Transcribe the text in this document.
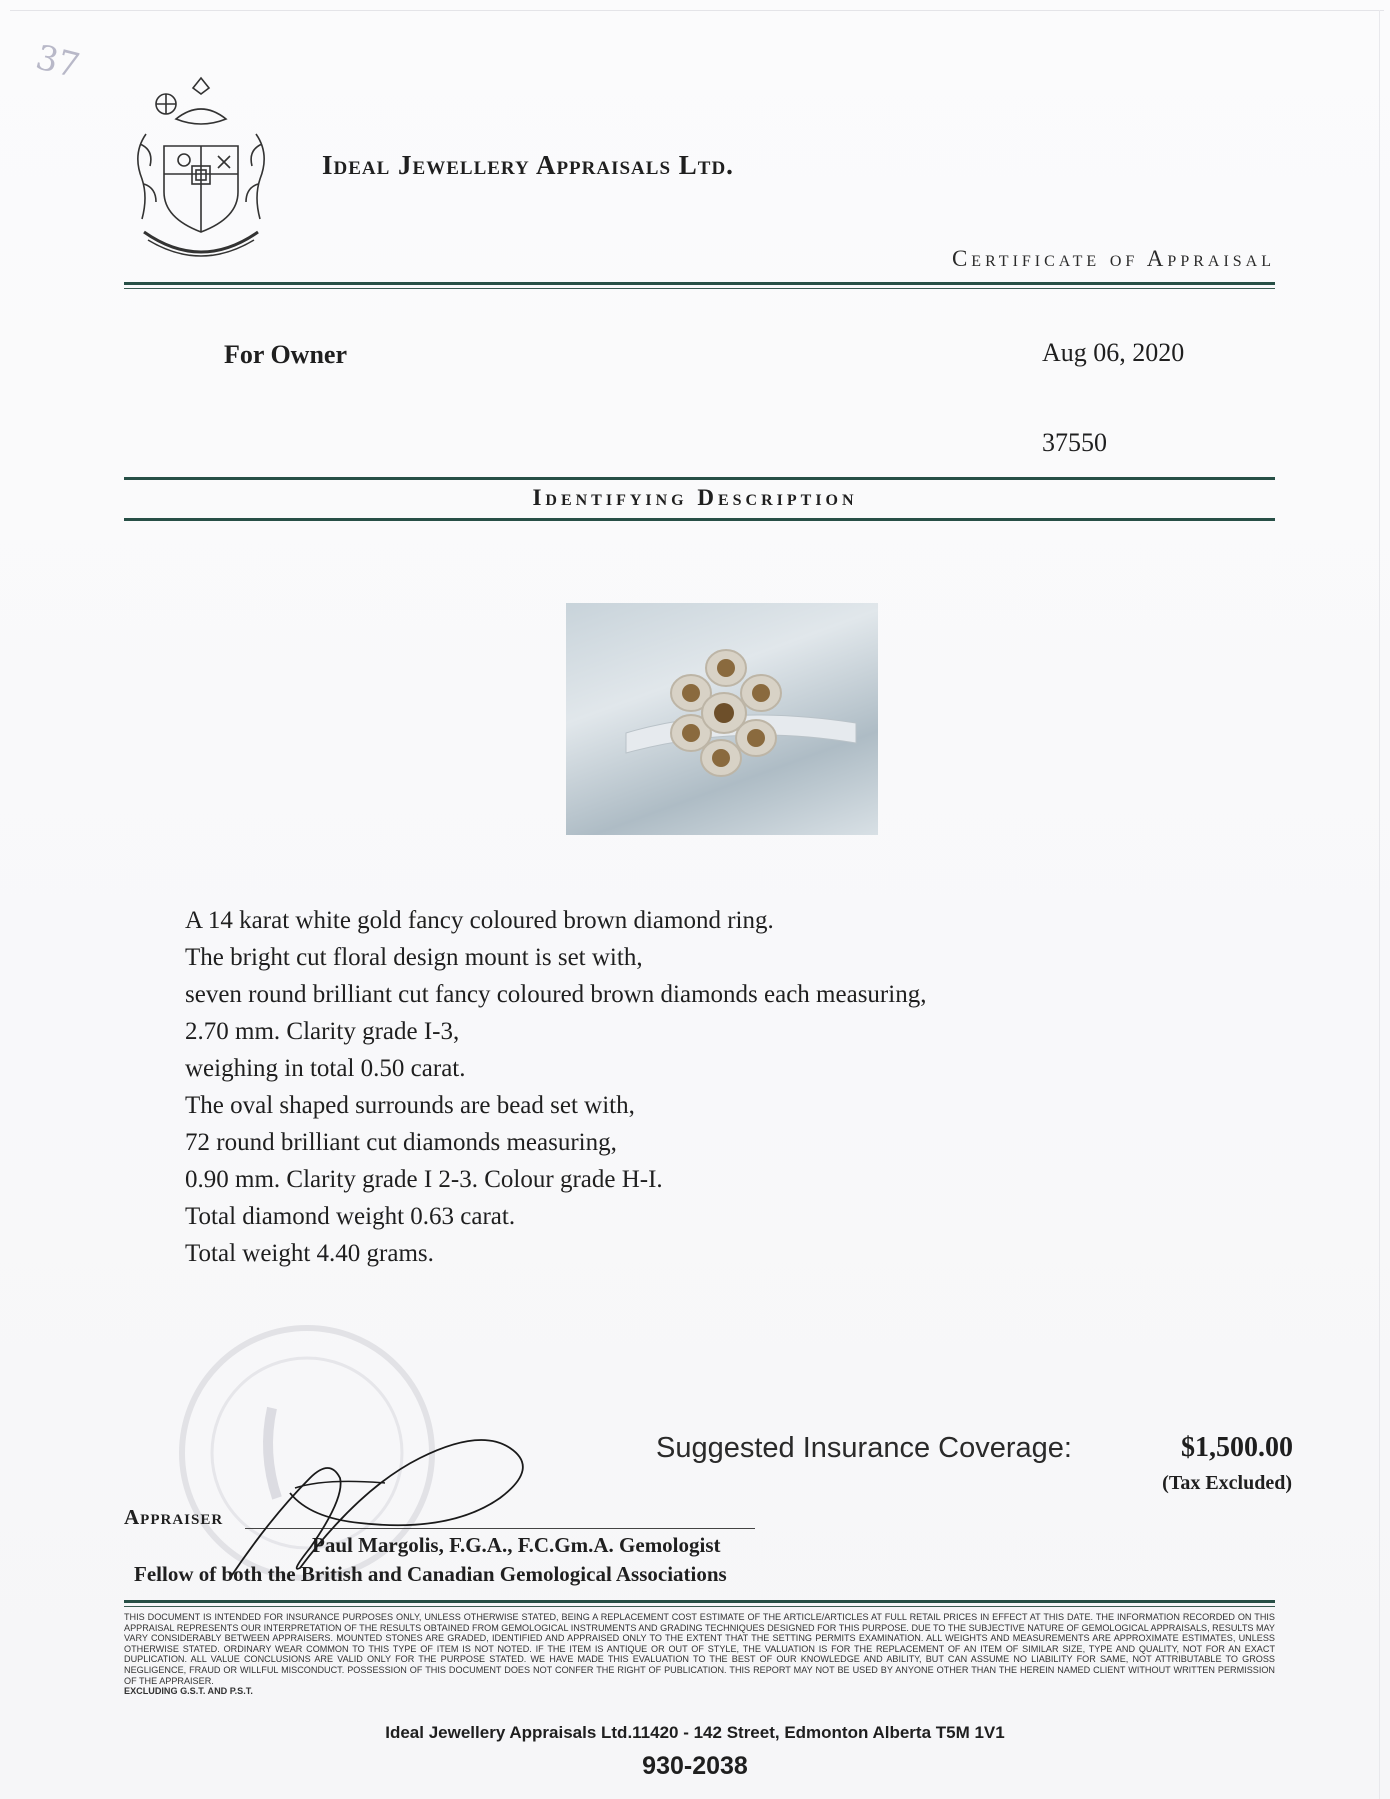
37
Ideal Jewellery Appraisals Ltd.
Certificate of Appraisal
For Owner	Aug 06, 2020
37550
Identifying Description
A 14 karat white gold fancy coloured brown diamond ring.
The bright cut floral design mount is set with,
seven round brilliant cut fancy coloured brown diamonds each measuring,
2.70 mm. Clarity grade I-3,
weighing in total 0.50 carat.
The oval shaped surrounds are bead set with,
72 round brilliant cut diamonds measuring,
0.90 mm. Clarity grade I 2-3. Colour grade H-I.
Total diamond weight 0.63 carat.
Total weight 4.40 grams.
Suggested Insurance Coverage:	$1,500.00
(Tax Excluded)
Appraiser
Paul Margolis, F.G.A., F.C.Gm.A. Gemologist
Fellow of both the British and Canadian Gemological Associations
THIS DOCUMENT IS INTENDED FOR INSURANCE PURPOSES ONLY, UNLESS OTHERWISE STATED, BEING A REPLACEMENT COST ESTIMATE OF THE ARTICLE/ARTICLES AT FULL RETAIL PRICES IN EFFECT AT THIS DATE. THE INFORMATION RECORDED ON THIS APPRAISAL REPRESENTS OUR INTERPRETATION OF THE RESULTS OBTAINED FROM GEMOLOGICAL INSTRUMENTS AND GRADING TECHNIQUES DESIGNED FOR THIS PURPOSE. DUE TO THE SUBJECTIVE NATURE OF GEMOLOGICAL APPRAISALS, RESULTS MAY VARY CONSIDERABLY BETWEEN APPRAISERS. MOUNTED STONES ARE GRADED, IDENTIFIED AND APPRAISED ONLY TO THE EXTENT THAT THE SETTING PERMITS EXAMINATION. ALL WEIGHTS AND MEASUREMENTS ARE APPROXIMATE ESTIMATES, UNLESS OTHERWISE STATED. ORDINARY WEAR COMMON TO THIS TYPE OF ITEM IS NOT NOTED. IF THE ITEM IS ANTIQUE OR OUT OF STYLE, THE VALUATION IS FOR THE REPLACEMENT OF AN ITEM OF SIMILAR SIZE, TYPE AND QUALITY, NOT FOR AN EXACT DUPLICATION. ALL VALUE CONCLUSIONS ARE VALID ONLY FOR THE PURPOSE STATED. WE HAVE MADE THIS EVALUATION TO THE BEST OF OUR KNOWLEDGE AND ABILITY, BUT CAN ASSUME NO LIABILITY FOR SAME, NOT ATTRIBUTABLE TO GROSS NEGLIGENCE, FRAUD OR WILLFUL MISCONDUCT. POSSESSION OF THIS DOCUMENT DOES NOT CONFER THE RIGHT OF PUBLICATION. THIS REPORT MAY NOT BE USED BY ANYONE OTHER THAN THE HEREIN NAMED CLIENT WITHOUT WRITTEN PERMISSION OF THE APPRAISER.
EXCLUDING G.S.T. AND P.S.T.
Ideal Jewellery Appraisals Ltd.11420 - 142 Street, Edmonton Alberta T5M 1V1
930-2038
